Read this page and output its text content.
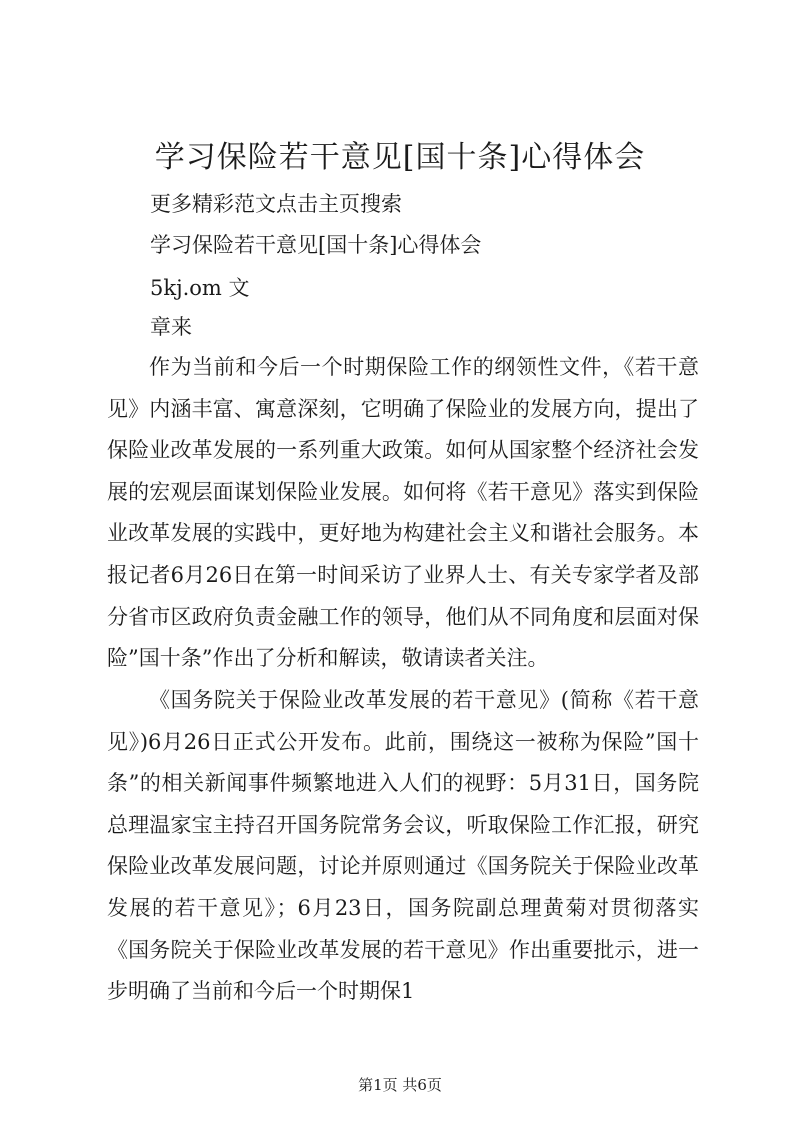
学习保险若干意见[国十条]心得体会
更多精彩范文点击主页搜索
学习保险若干意见[国十条]心得体会
5kj.om 文
章来

作为当前和今后一个时期保险工作的纲领性文件，《若干意见》内涵丰富、寓意深刻，它明确了保险业的发展方向，提出了保险业改革发展的一系列重大政策。如何从国家整个经济社会发展的宏观层面谋划保险业发展。如何将《若干意见》落实到保险业改革发展的实践中，更好地为构建社会主义和谐社会服务。本报记者6月26日在第一时间采访了业界人士、有关专家学者及部分省市区政府负责金融工作的领导，他们从不同角度和层面对保险”国十条”作出了分析和解读，敬请读者关注。

《国务院关于保险业改革发展的若干意见》(简称《若干意见》)6月26日正式公开发布。此前，围绕这一被称为保险”国十条”的相关新闻事件频繁地进入人们的视野：5月31日，国务院总理温家宝主持召开国务院常务会议，听取保险工作汇报，研究保险业改革发展问题，讨论并原则通过《国务院关于保险业改革发展的若干意见》；6月23日，国务院副总理黄菊对贯彻落实《国务院关于保险业改革发展的若干意见》作出重要批示，进一步明确了当前和今后一个时期保1

第1页 共6页
